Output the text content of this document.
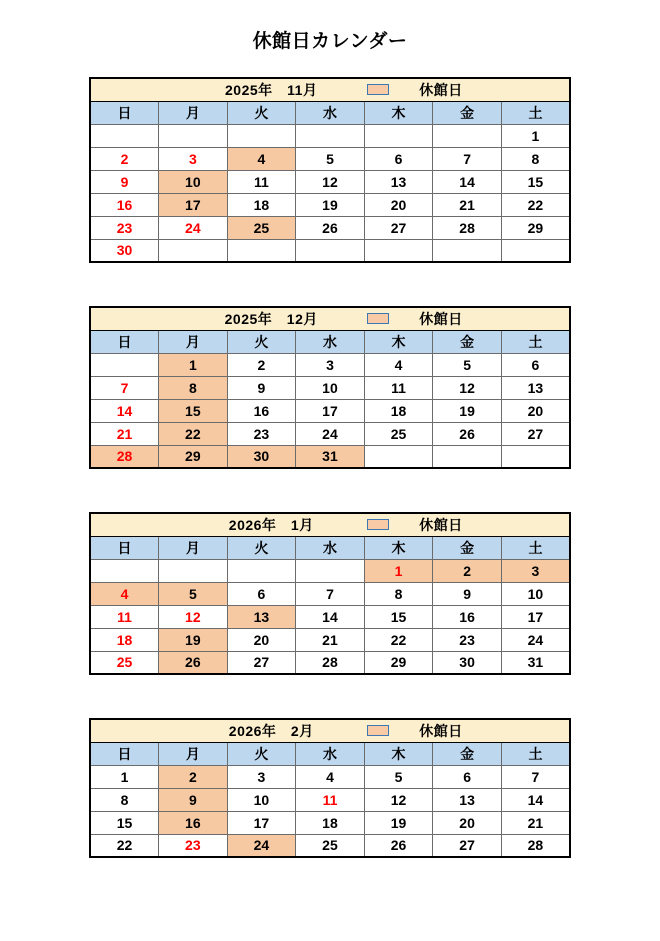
休館日カレンダー
2025年　11月 休館日						

日	月	火	水	木	金	土
						1
2	3	4	5	6	7	8
9	10	11	12	13	14	15
16	17	18	19	20	21	22
23	24	25	26	27	28	29
30						
2025年　12月 休館日						

日	月	火	水	木	金	土
	1	2	3	4	5	6
7	8	9	10	11	12	13
14	15	16	17	18	19	20
21	22	23	24	25	26	27
28	29	30	31			
2026年　1月 休館日						

日	月	火	水	木	金	土
				1	2	3
4	5	6	7	8	9	10
11	12	13	14	15	16	17
18	19	20	21	22	23	24
25	26	27	28	29	30	31
2026年　2月 休館日						

日	月	火	水	木	金	土
1	2	3	4	5	6	7
8	9	10	11	12	13	14
15	16	17	18	19	20	21
22	23	24	25	26	27	28
